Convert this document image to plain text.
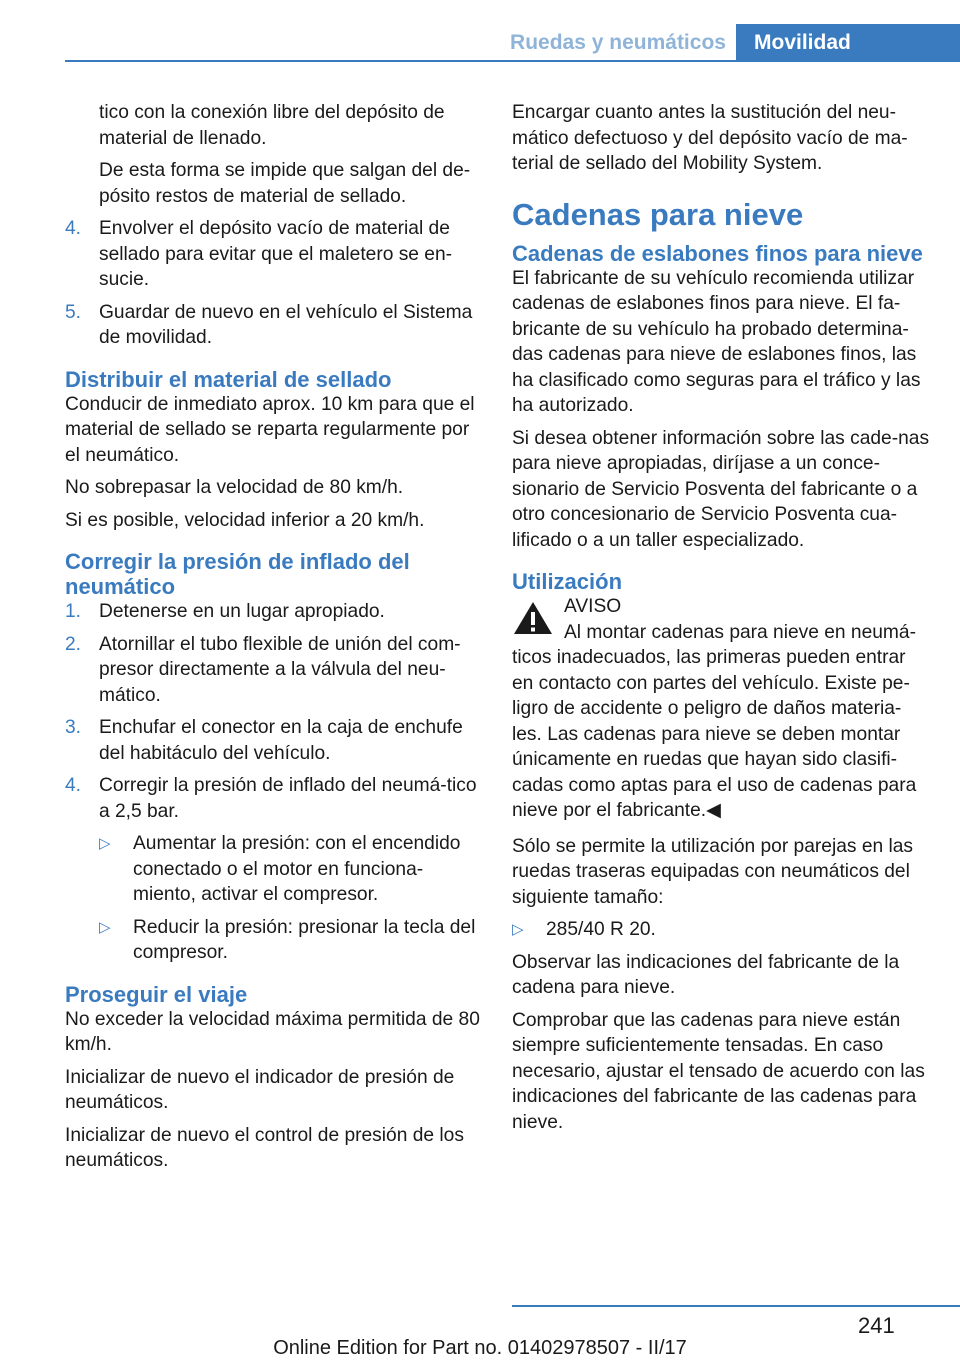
Ruedas y neumáticos	Movilidad

tico con la conexión libre del depósito de material de llenado.

De esta forma se impide que salgan del de-pósito restos de material de sellado.

4. Envolver el depósito vacío de material de sellado para evitar que el maletero se en-sucie.
5. Guardar de nuevo en el vehículo el Sistema de movilidad.
Distribuir el material de sellado

Conducir de inmediato aprox. 10 km para que el material de sellado se reparta regularmente por el neumático.

No sobrepasar la velocidad de 80 km/h.

Si es posible, velocidad inferior a 20 km/h.

Corregir la presión de inflado del neumático
1. Detenerse en un lugar apropiado.
2. Atornillar el tubo flexible de unión del com-presor directamente a la válvula del neu-mático.
3. Enchufar el conector en la caja de enchufe del habitáculo del vehículo.
4. Corregir la presión de inflado del neumá-tico a 2,5 bar.
▷ Aumentar la presión: con el encendido conectado o el motor en funciona-miento, activar el compresor.
▷ Reducir la presión: presionar la tecla del compresor.
Proseguir el viaje

No exceder la velocidad máxima permitida de 80 km/h.

Inicializar de nuevo el indicador de presión de neumáticos.

Inicializar de nuevo el control de presión de los neumáticos.

Encargar cuanto antes la sustitución del neu-mático defectuoso y del depósito vacío de ma-terial de sellado del Mobility System.

Cadenas para nieve
Cadenas de eslabones finos para nieve

El fabricante de su vehículo recomienda utilizar cadenas de eslabones finos para nieve. El fa-bricante de su vehículo ha probado determina-das cadenas para nieve de eslabones finos, las ha clasificado como seguras para el tráfico y las ha autorizado.

Si desea obtener información sobre las cade-nas para nieve apropiadas, diríjase a un conce-sionario de Servicio Posventa del fabricante o a otro concesionario de Servicio Posventa cua-lificado o a un taller especializado.

Utilización
AVISO
Al montar cadenas para nieve en neumá-

ticos inadecuados, las primeras pueden entrar en contacto con partes del vehículo. Existe pe-ligro de accidente o peligro de daños materia-les. Las cadenas para nieve se deben montar únicamente en ruedas que hayan sido clasifi-cadas como aptas para el uso de cadenas para nieve por el fabricante.◀

Sólo se permite la utilización por parejas en las ruedas traseras equipadas con neumáticos del siguiente tamaño:

▷ 285/40 R 20.

Observar las indicaciones del fabricante de la cadena para nieve.

Comprobar que las cadenas para nieve están siempre suficientemente tensadas. En caso necesario, ajustar el tensado de acuerdo con las indicaciones del fabricante de las cadenas para nieve.

241
Online Edition for Part no. 01402978507 - II/17
